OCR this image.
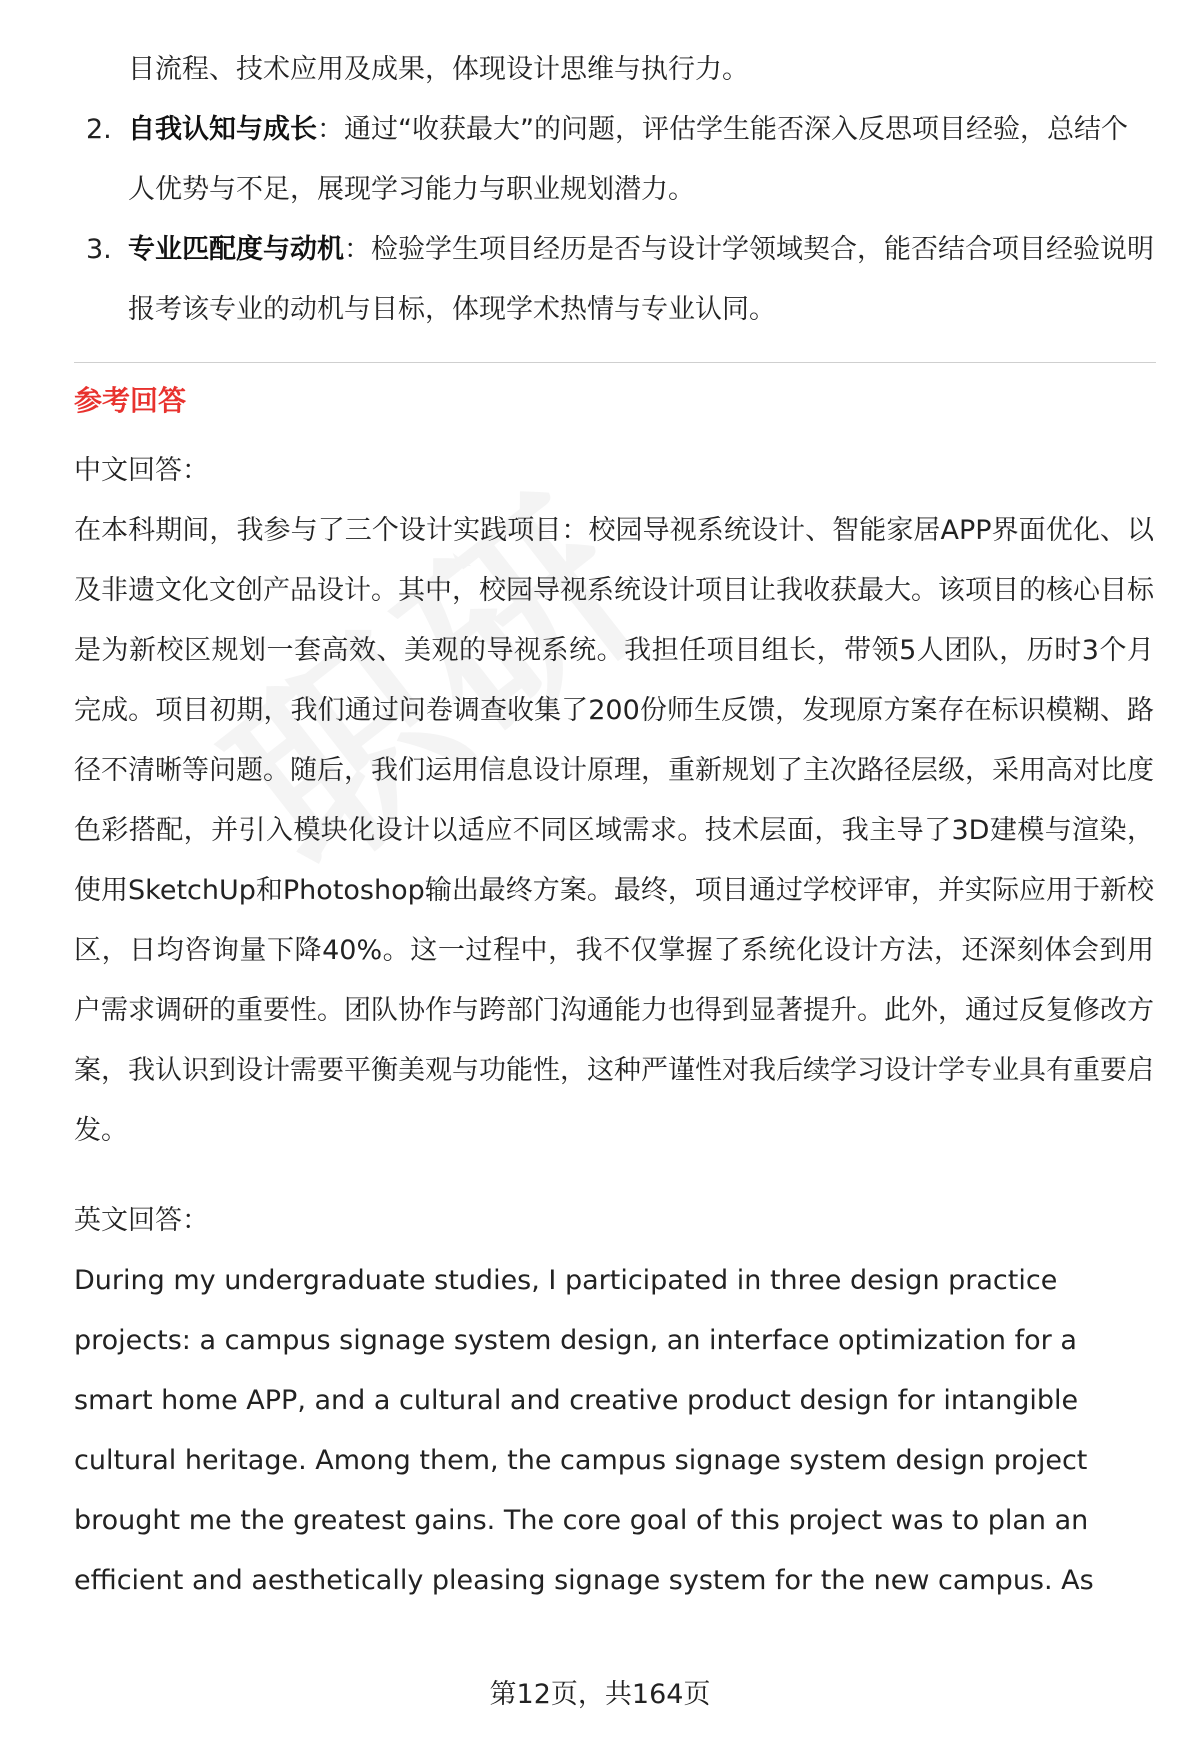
目流程、技术应用及成果，体现设计思维与执行力。

2. 自我认知与成长：通过“收获最大”的问题，评估学生能否深入反思项目经验，总结个人优势与不足，展现学习能力与职业规划潜力。
3. 专业匹配度与动机：检验学生项目经历是否与设计学领域契合，能否结合项目经验说明报考该专业的动机与目标，体现学术热情与专业认同。
参考回答
中文回答：

在本科期间，我参与了三个设计实践项目：校园导视系统设计、智能家居APP界面优化、以及非遗文化文创产品设计。其中，校园导视系统设计项目让我收获最大。该项目的核心目标是为新校区规划一套高效、美观的导视系统。我担任项目组长，带领5人团队，历时3个月完成。项目初期，我们通过问卷调查收集了200份师生反馈，发现原方案存在标识模糊、路径不清晰等问题。随后，我们运用信息设计原理，重新规划了主次路径层级，采用高对比度色彩搭配，并引入模块化设计以适应不同区域需求。技术层面，我主导了3D建模与渲染，使用SketchUp和Photoshop输出最终方案。最终，项目通过学校评审，并实际应用于新校区，日均咨询量下降40%。这一过程中，我不仅掌握了系统化设计方法，还深刻体会到用户需求调研的重要性。团队协作与跨部门沟通能力也得到显著提升。此外，通过反复修改方案，我认识到设计需要平衡美观与功能性，这种严谨性对我后续学习设计学专业具有重要启发。

英文回答：

During my undergraduate studies, I participated in three design practice projects: a campus signage system design, an interface optimization for a smart home APP, and a cultural and creative product design for intangible cultural heritage. Among them, the campus signage system design project brought me the greatest gains. The core goal of this project was to plan an efficient and aesthetically pleasing signage system for the new campus. As

第12页，共164页
